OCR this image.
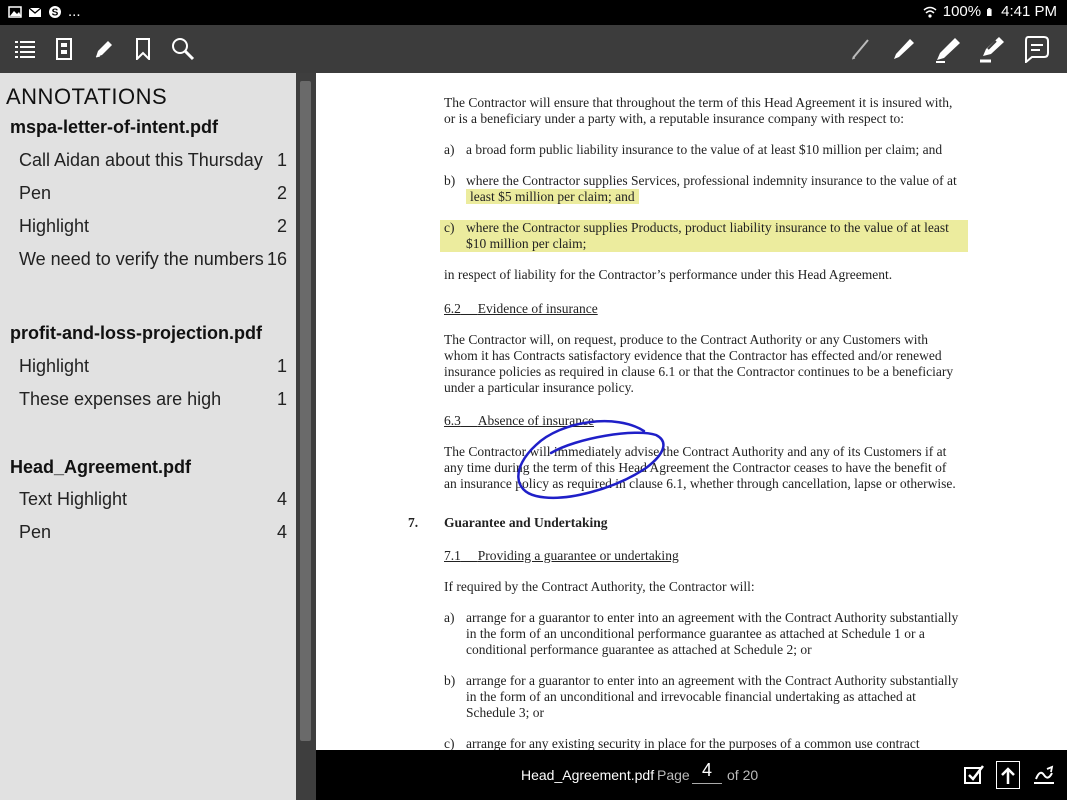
S ...	100% 4:41 PM
ANNOTATIONS
mspa-letter-of-intent.pdf
Call Aidan about this Thursday 1
Pen	2
Highlight	2
We need to verify the numbers 16
profit-and-loss-projection.pdf
Highlight	1
These expenses are high	1
Head_Agreement.pdf
Text Highlight	4
Pen	4
The Contractor will ensure that throughout the term of this Head Agreement it is insured with,
or is a beneficiary under a party with, a reputable insurance company with respect to:
a) a broad form public liability insurance to the value of at least $10 million per claim; and
b) where the Contractor supplies Services, professional indemnity insurance to the value of at
least $5 million per claim; and
c) where the Contractor supplies Products, product liability insurance to the value of at least
$10 million per claim;
in respect of liability for the Contractor’s performance under this Head Agreement.
6.2 Evidence of insurance
The Contractor will, on request, produce to the Contract Authority or any Customers with
whom it has Contracts satisfactory evidence that the Contractor has effected and/or renewed
insurance policies as required in clause 6.1 or that the Contractor continues to be a beneficiary
under a particular insurance policy.
6.3 Absence of insurance
The Contractor will immediately advise the Contract Authority and any of its Customers if at
any time during the term of this Head Agreement the Contractor ceases to have the benefit of
an insurance policy as required in clause 6.1, whether through cancellation, lapse or otherwise.
7. Guarantee and Undertaking
7.1 Providing a guarantee or undertaking
If required by the Contract Authority, the Contractor will:
a) arrange for a guarantor to enter into an agreement with the Contract Authority substantially
in the form of an unconditional performance guarantee as attached at Schedule 1 or a
conditional performance guarantee as attached at Schedule 2; or
b) arrange for a guarantor to enter into an agreement with the Contract Authority substantially
in the form of an unconditional and irrevocable financial undertaking as attached at
Schedule 3; or
c) arrange for any existing security in place for the purposes of a common use contract
Head_Agreement.pdf Page 4	of 20
